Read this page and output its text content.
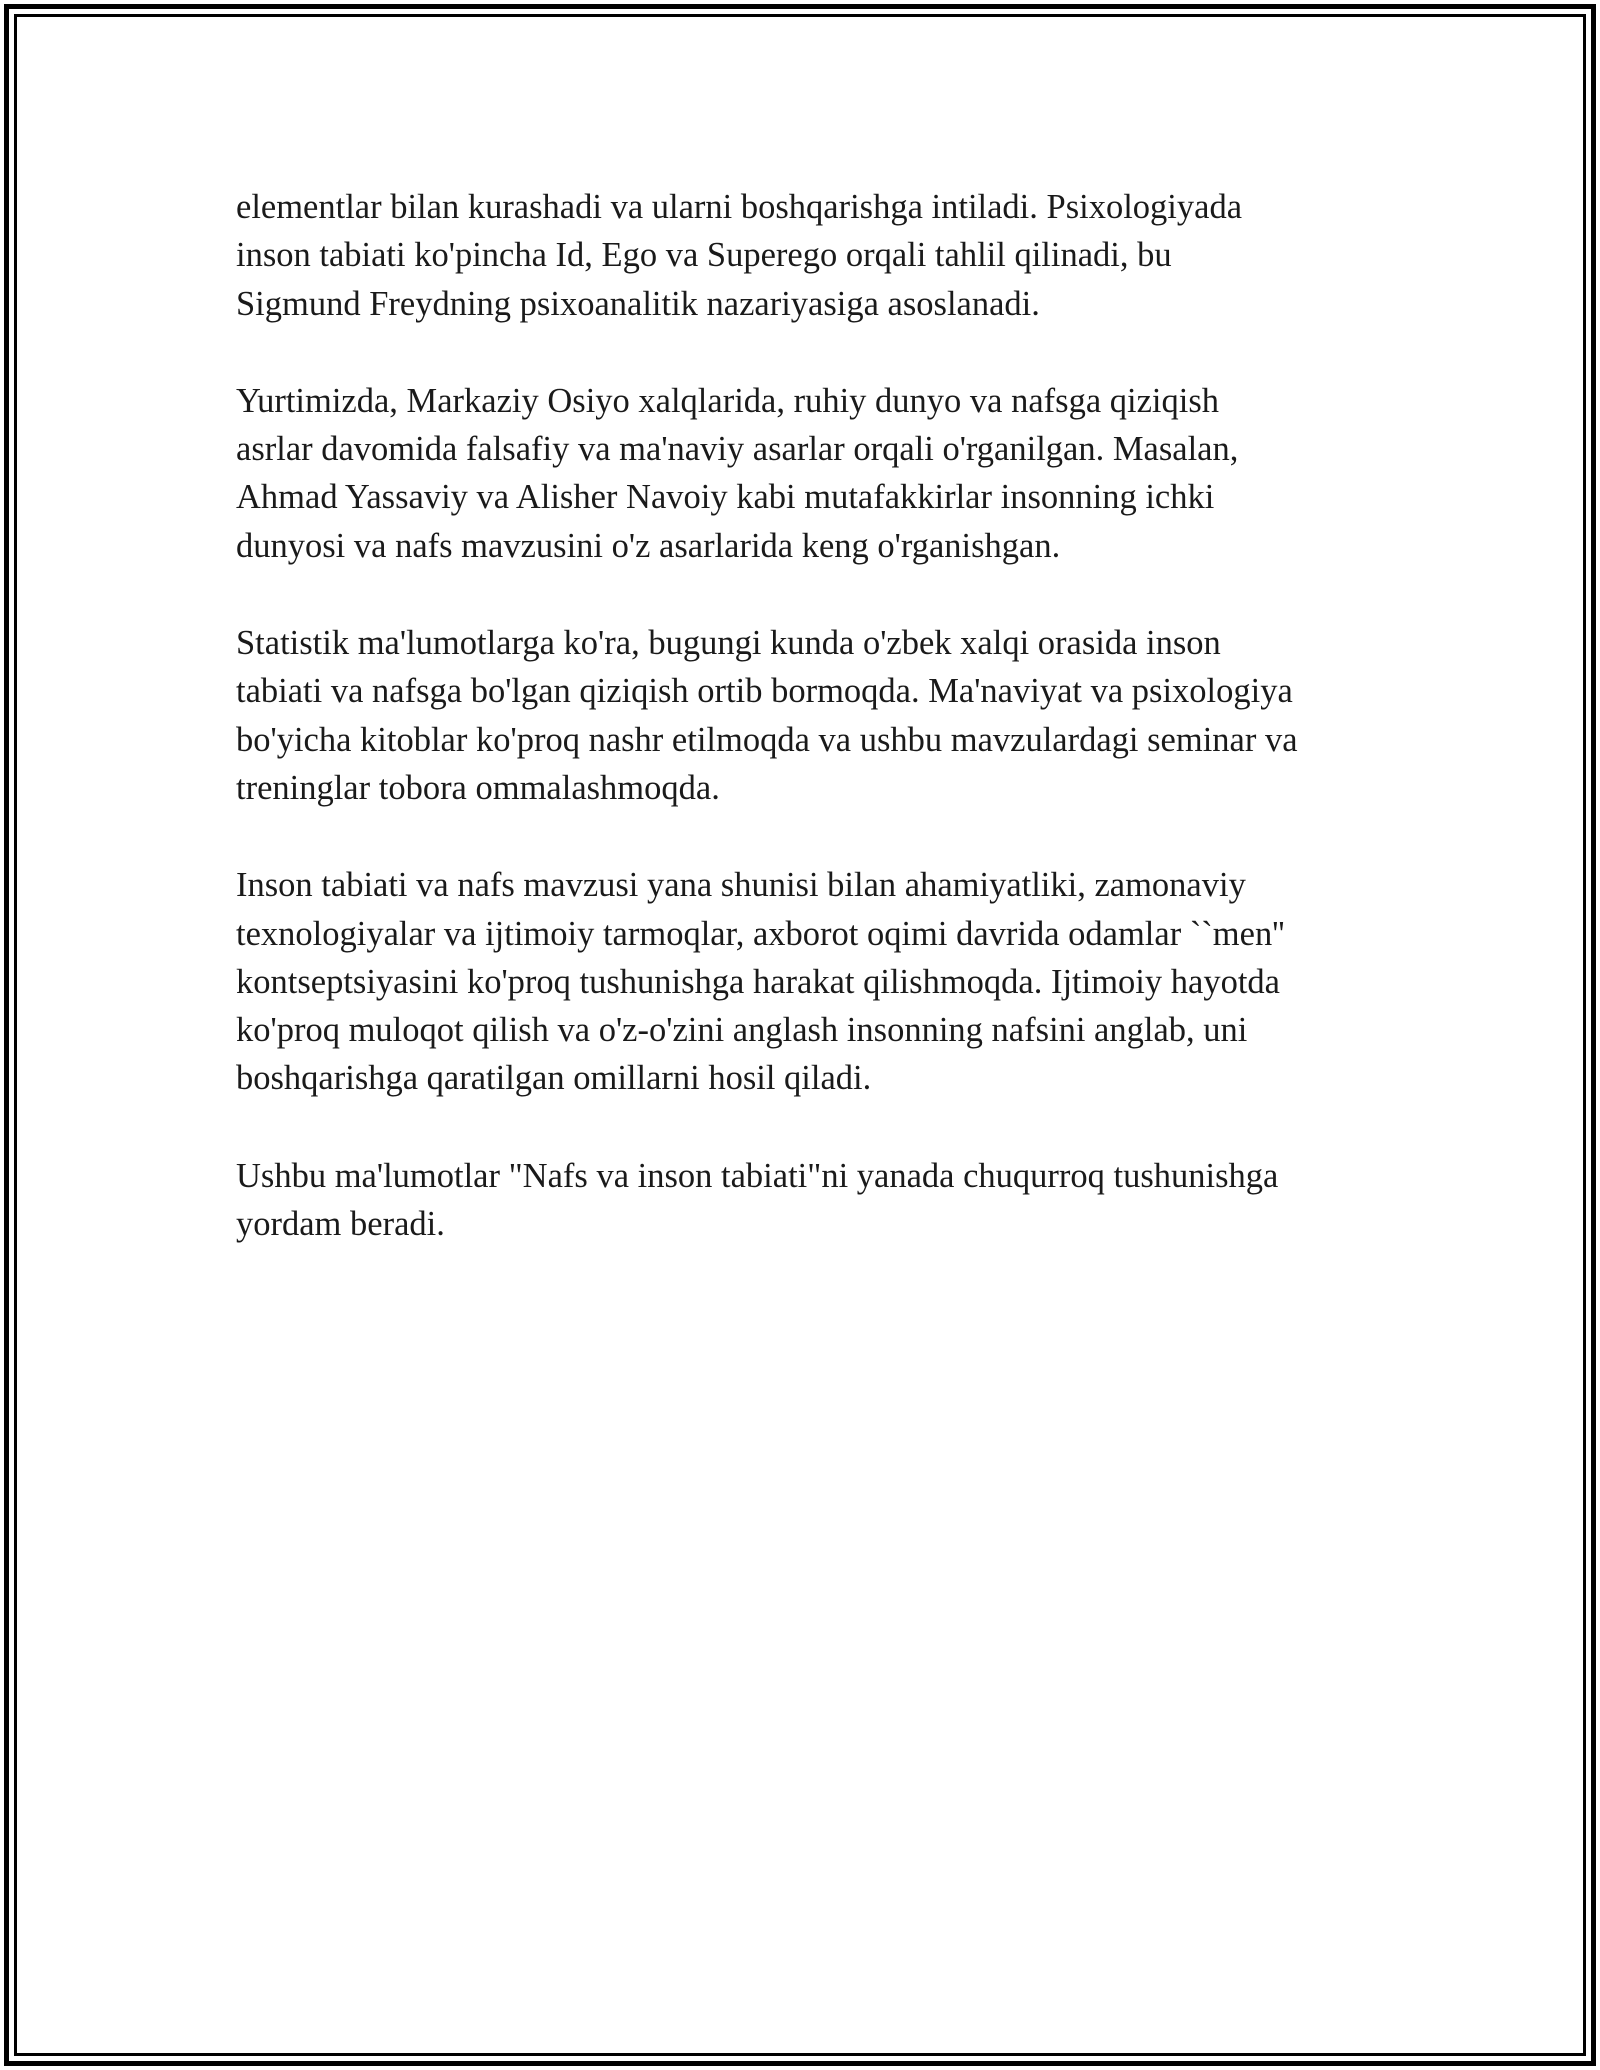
elementlar bilan kurashadi va ularni boshqarishga intiladi. Psixologiyada
inson tabiati ko'pincha Id, Ego va Superego orqali tahlil qilinadi, bu
Sigmund Freydning psixoanalitik nazariyasiga asoslanadi.

Yurtimizda, Markaziy Osiyo xalqlarida, ruhiy dunyo va nafsga qiziqish
asrlar davomida falsafiy va ma'naviy asarlar orqali o'rganilgan. Masalan,
Ahmad Yassaviy va Alisher Navoiy kabi mutafakkirlar insonning ichki
dunyosi va nafs mavzusini o'z asarlarida keng o'rganishgan.

Statistik ma'lumotlarga ko'ra, bugungi kunda o'zbek xalqi orasida inson
tabiati va nafsga bo'lgan qiziqish ortib bormoqda. Ma'naviyat va psixologiya
bo'yicha kitoblar ko'proq nashr etilmoqda va ushbu mavzulardagi seminar va
treninglar tobora ommalashmoqda.

Inson tabiati va nafs mavzusi yana shunisi bilan ahamiyatliki, zamonaviy
texnologiyalar va ijtimoiy tarmoqlar, axborot oqimi davrida odamlar ``men''
kontseptsiyasini ko'proq tushunishga harakat qilishmoqda. Ijtimoiy hayotda
ko'proq muloqot qilish va o'z-o'zini anglash insonning nafsini anglab, uni
boshqarishga qaratilgan omillarni hosil qiladi.

Ushbu ma'lumotlar "Nafs va inson tabiati"ni yanada chuqurroq tushunishga
yordam beradi.
